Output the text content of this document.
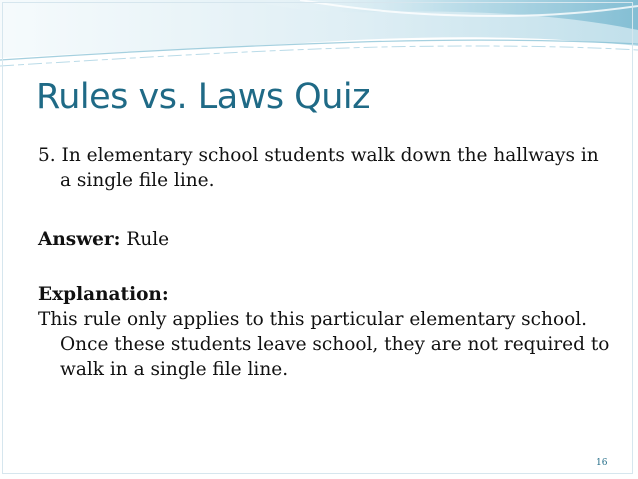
Rules vs. Laws Quiz

5. In elementary school students walk down the hallways in a single file line.

Answer: Rule

Explanation:

This rule only applies to this particular elementary school. Once these students leave school, they are not required to walk in a single file line.

16
